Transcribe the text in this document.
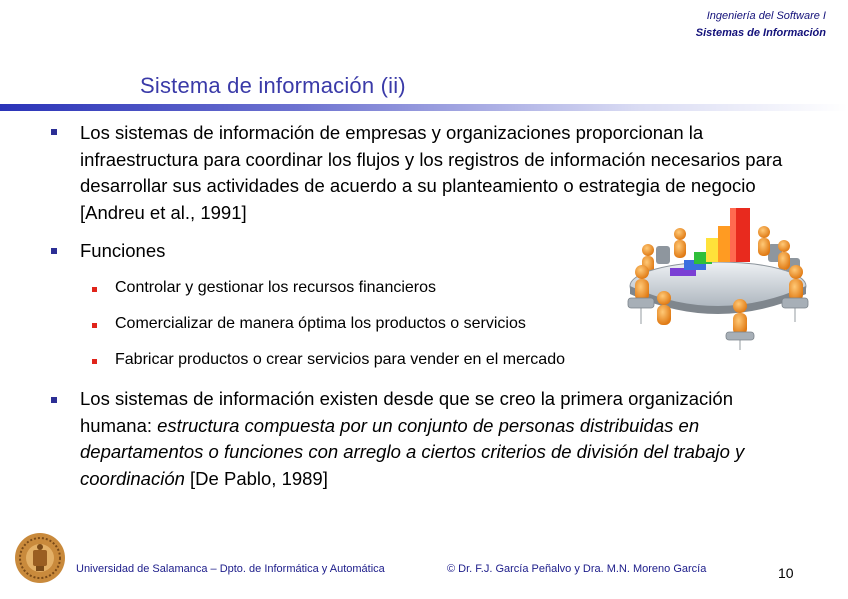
Ingeniería del Software I
Sistemas de Información
Sistema de información (ii)
Los sistemas de información de empresas y organizaciones proporcionan la infraestructura para coordinar los flujos y los registros de información necesarios para desarrollar sus actividades de acuerdo a su planteamiento o estrategia de negocio [Andreu et al., 1991]
Funciones
Controlar y gestionar los recursos financieros
Comercializar de manera óptima los productos o servicios
Fabricar productos o crear servicios para vender en el mercado
Los sistemas de información existen desde que se creo la primera organización humana: estructura compuesta por un conjunto de personas distribuidas en departamentos o funciones con arreglo a ciertos criterios de división del trabajo y coordinación [De Pablo, 1989]
Universidad de Salamanca – Dpto. de Informática y Automática	© Dr. F.J. García Peñalvo y Dra. M.N. Moreno García	10
